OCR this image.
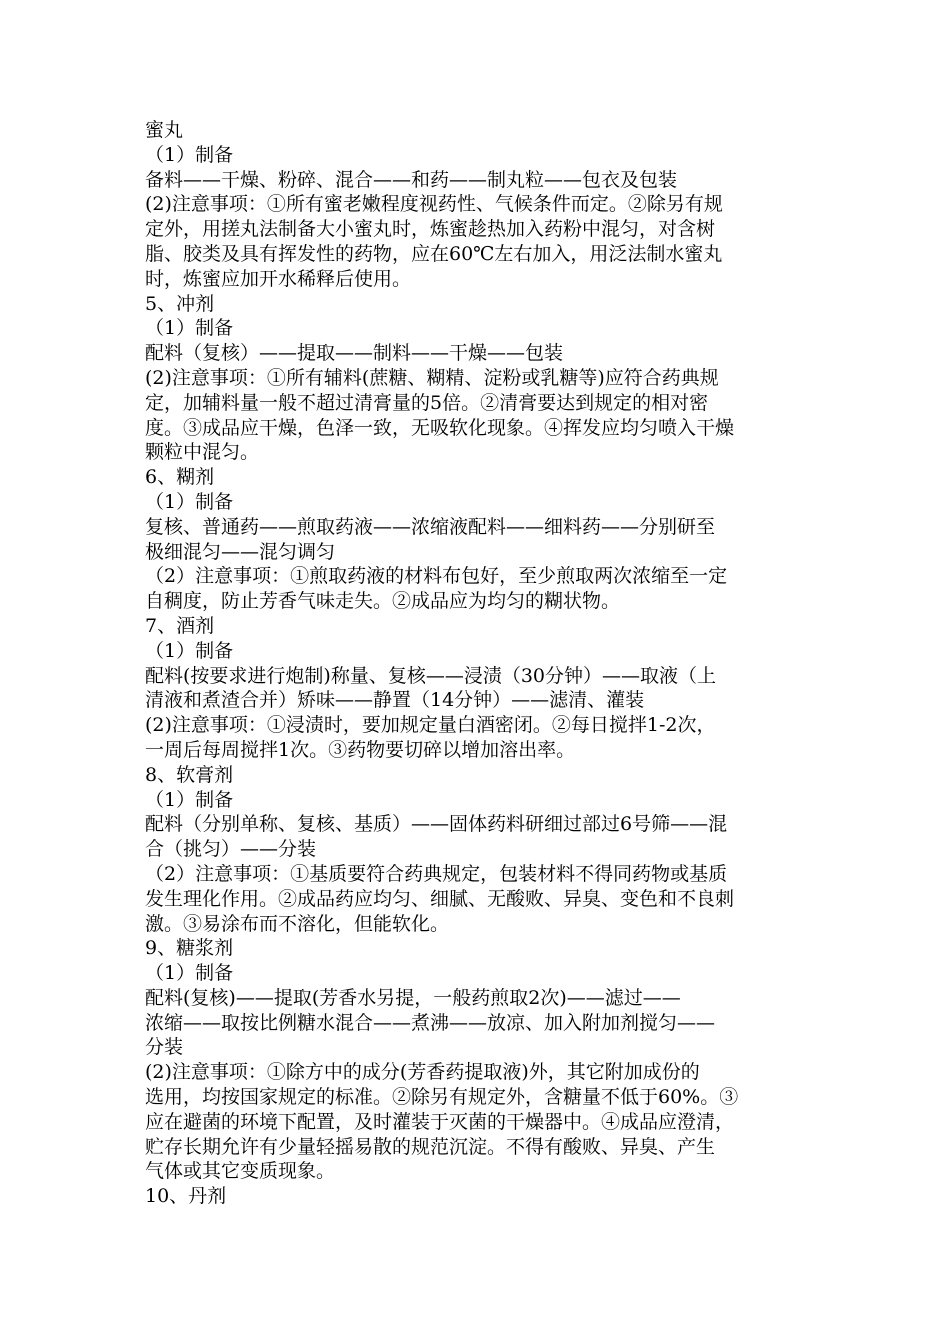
蜜丸
（1）制备
备料——干燥、粉碎、混合——和药——制丸粒——包衣及包装
(2)注意事项：①所有蜜老嫩程度视药性、气候条件而定。②除另有规
定外，用搓丸法制备大小蜜丸时，炼蜜趁热加入药粉中混匀，对含树
脂、胶类及具有挥发性的药物，应在60℃左右加入，用泛法制水蜜丸
时，炼蜜应加开水稀释后使用。
5、冲剂
（1）制备
配料（复核）——提取——制料——干燥——包装
(2)注意事项：①所有辅料(蔗糖、糊精、淀粉或乳糖等)应符合药典规
定，加辅料量一般不超过清膏量的5倍。②清膏要达到规定的相对密
度。③成品应干燥，色泽一致，无吸软化现象。④挥发应均匀喷入干燥
颗粒中混匀。
6、糊剂
（1）制备
复核、普通药——煎取药液——浓缩液配料——细料药——分别研至
极细混匀——混匀调匀
（2）注意事项：①煎取药液的材料布包好，至少煎取两次浓缩至一定
自稠度，防止芳香气味走失。②成品应为均匀的糊状物。
7、酒剂
（1）制备
配料(按要求进行炮制)称量、复核——浸渍（30分钟）——取液（上
清液和煮渣合并）矫味——静置（14分钟）——滤清、灌装
(2)注意事项：①浸渍时，要加规定量白酒密闭。②每日搅拌1-2次，
一周后每周搅拌1次。③药物要切碎以增加溶出率。
8、软膏剂
（1）制备
配料（分别单称、复核、基质）——固体药料研细过部过6号筛——混
合（挑匀）——分装
（2）注意事项：①基质要符合药典规定，包装材料不得同药物或基质
发生理化作用。②成品药应均匀、细腻、无酸败、异臭、变色和不良刺
激。③易涂布而不溶化，但能软化。
9、糖浆剂
（1）制备
配料(复核)——提取(芳香水另提，一般药煎取2次)——滤过——
浓缩——取按比例糖水混合——煮沸——放凉、加入附加剂搅匀——
分装
(2)注意事项：①除方中的成分(芳香药提取液)外，其它附加成份的
选用，均按国家规定的标准。②除另有规定外，含糖量不低于60%。③
应在避菌的环境下配置，及时灌装于灭菌的干燥器中。④成品应澄清，
贮存长期允许有少量轻摇易散的规范沉淀。不得有酸败、异臭、产生
气体或其它变质现象。
10、丹剂
